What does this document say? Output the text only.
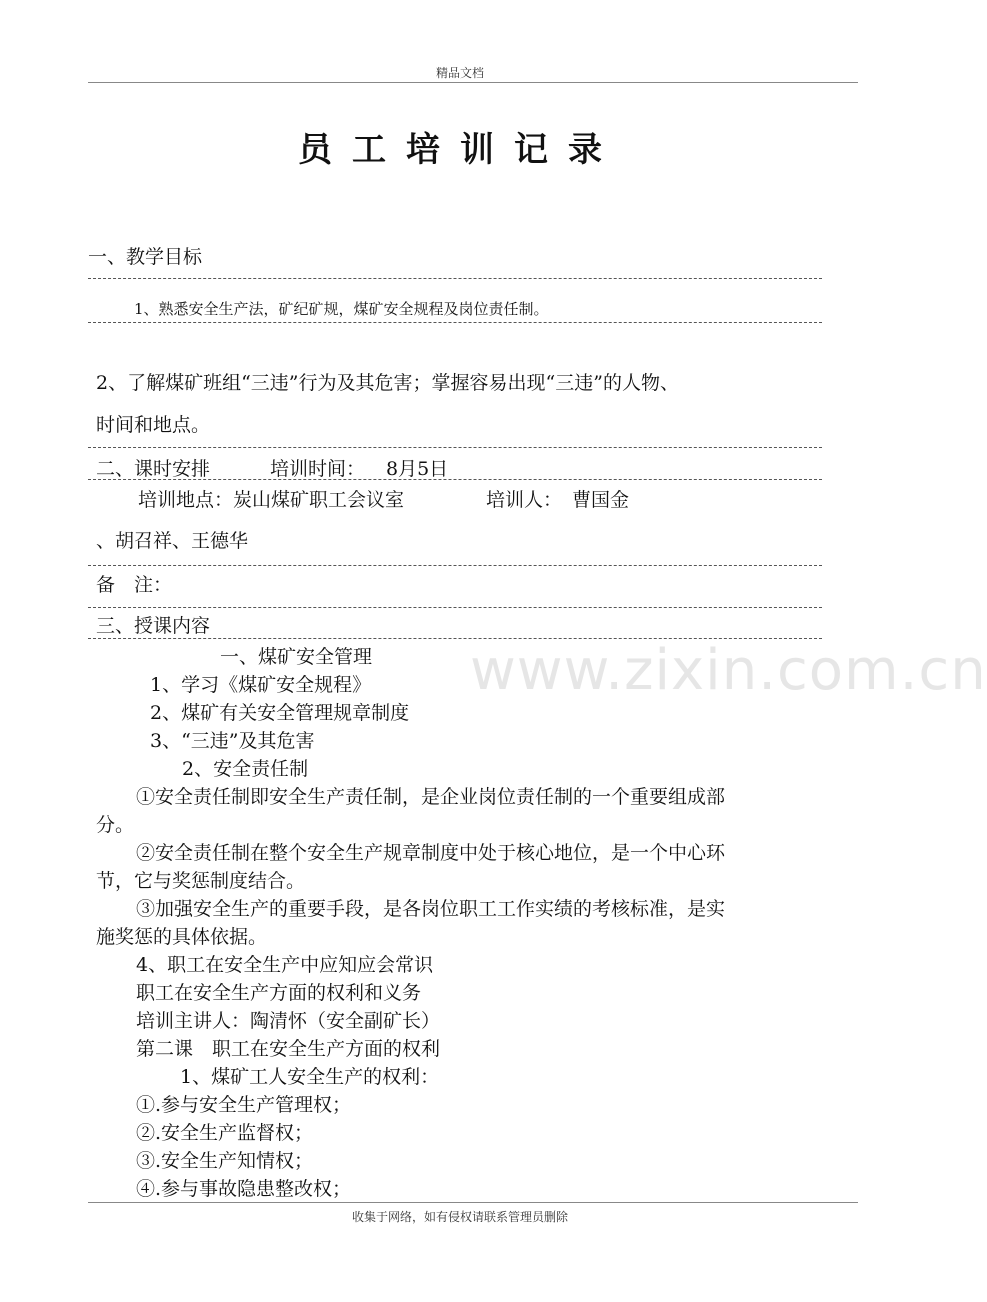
精品文档
员工培训记录
www.zixin.com.cn
一、教学目标
1、熟悉安全生产法，矿纪矿规，煤矿安全规程及岗位责任制。
2、了解煤矿班组“三违”行为及其危害；掌握容易出现“三违”的人物、
时间和地点。
二、课时安排	培训时间： 8月5日
培训地点：炭山煤矿职工会议室	培训人： 曹国金
、胡召祥、王德华
备　注：
三、授课内容
一、煤矿安全管理
1、学习《煤矿安全规程》
2、煤矿有关安全管理规章制度
3、“三违”及其危害
2、安全责任制
①安全责任制即安全生产责任制，是企业岗位责任制的一个重要组成部
分。
②安全责任制在整个安全生产规章制度中处于核心地位，是一个中心环
节，它与奖惩制度结合。
③加强安全生产的重要手段，是各岗位职工工作实绩的考核标准，是实
施奖惩的具体依据。
4、职工在安全生产中应知应会常识
职工在安全生产方面的权利和义务
培训主讲人：陶清怀（安全副矿长）
第二课　职工在安全生产方面的权利
1、煤矿工人安全生产的权利：
①.参与安全生产管理权；
②.安全生产监督权；
③.安全生产知情权；
④.参与事故隐患整改权；
收集于网络，如有侵权请联系管理员删除
